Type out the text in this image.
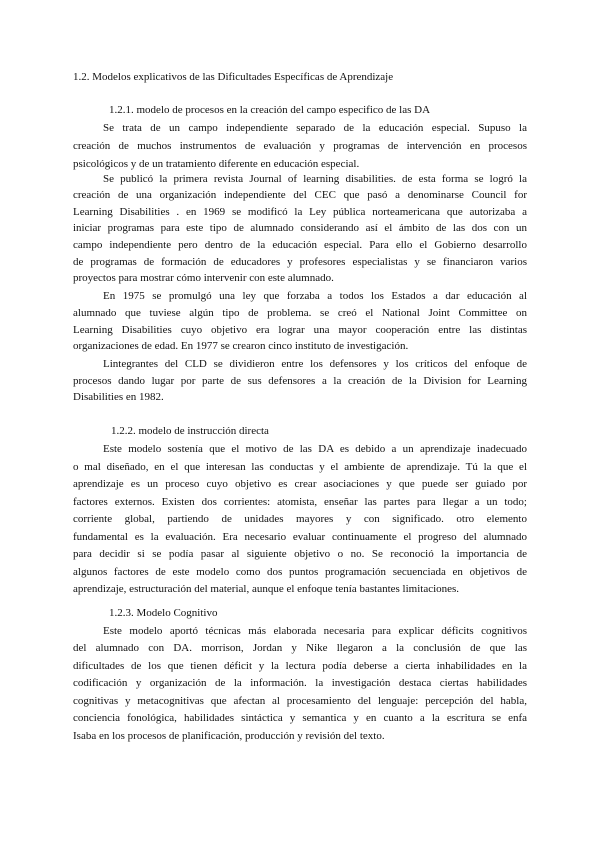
1.2. Modelos explicativos de las Dificultades Específicas de Aprendizaje
1.2.1. modelo de procesos en la creación del campo especifico de las DA
Se trata de un campo independiente separado de la educación especial. Supuso la
creación de muchos instrumentos de evaluación y programas de intervención en procesos
psicológicos y de un tratamiento diferente en educación especial.
Se publicó la primera revista Journal of learning disabilities. de esta forma se logró la
creación de una organización independiente del CEC que pasó a denominarse Council for
Learning Disabilities . en 1969 se modificó la Ley pública norteamericana que autorizaba a
iniciar programas para este tipo de alumnado considerando así el ámbito de las dos con un
campo independiente pero dentro de la educación especial. Para ello el Gobierno desarrollo
de programas de formación de educadores y profesores especialistas y se financiaron varios
proyectos para mostrar cómo intervenir con este alumnado.
En 1975 se promulgó una ley que forzaba a todos los Estados a dar educación al
alumnado que tuviese algún tipo de problema. se creó el National Joint Committee on
Learning Disabilities cuyo objetivo era lograr una mayor cooperación entre las distintas
organizaciones de edad. En 1977 se crearon cinco instituto de investigación.
Lintegrantes del CLD se dividieron entre los defensores y los críticos del enfoque de
procesos dando lugar por parte de sus defensores a la creación de la Division for Learning
Disabilities en 1982.
1.2.2. modelo de instrucción directa
Este modelo sostenía que el motivo de las DA es debido a un aprendizaje inadecuado
o mal diseñado, en el que interesan las conductas y el ambiente de aprendizaje. Tú la que el
aprendizaje es un proceso cuyo objetivo es crear asociaciones y que puede ser guiado por
factores externos. Existen dos corrientes: atomista, enseñar las partes para llegar a un todo;
corriente global, partiendo de unidades mayores y con significado. otro elemento
fundamental es la evaluación. Era necesario evaluar continuamente el progreso del alumnado
para decidir si se podía pasar al siguiente objetivo o no. Se reconoció la importancia de
algunos factores de este modelo como dos puntos programación secuenciada en objetivos de
aprendizaje, estructuración del material, aunque el enfoque tenía bastantes limitaciones.
1.2.3. Modelo Cognitivo
Este modelo aportó técnicas más elaborada necesaria para explicar déficits cognitivos
del alumnado con DA. morrison, Jordan y Nike llegaron a la conclusión de que las
dificultades de los que tienen déficit y la lectura podía deberse a cierta inhabilidades en la
codificación y organización de la información. la investigación destaca ciertas habilidades
cognitivas y metacognitivas que afectan al procesamiento del lenguaje: percepción del habla,
conciencia fonológica, habilidades sintáctica y semantica y en cuanto a la escritura se enfa
Isaba en los procesos de planificación, producción y revisión del texto.
